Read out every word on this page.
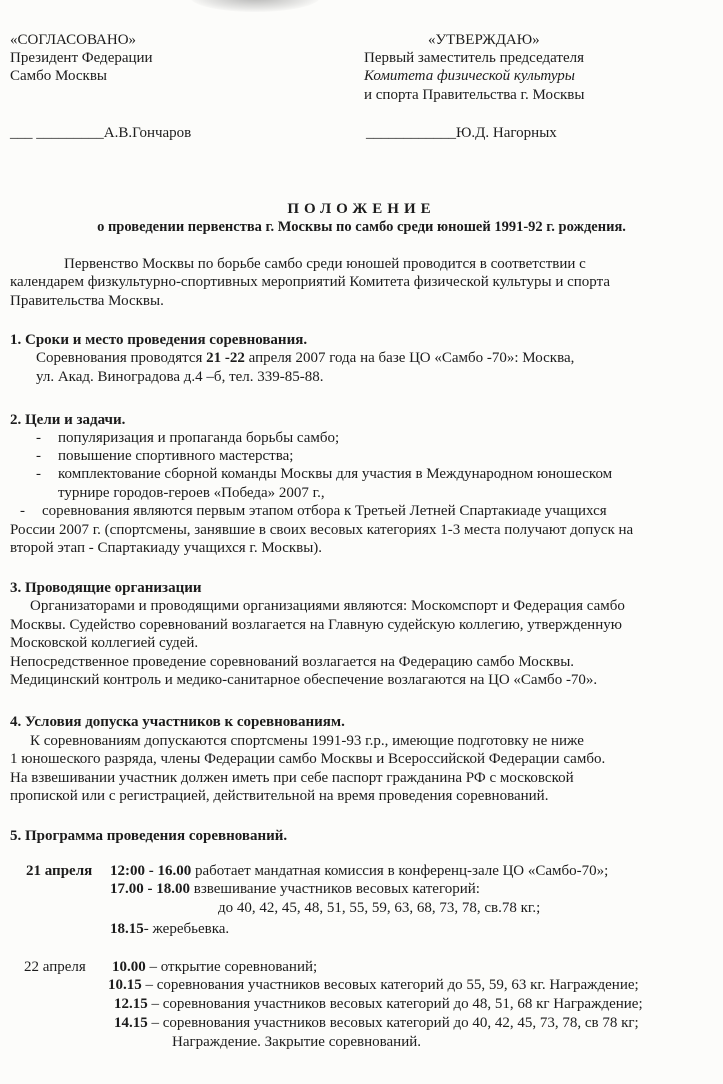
«СОГЛАСОВАНО»
Президент Федерации
Самбо Москвы
___ _________А.В.Гончаров
«УТВЕРЖДАЮ»
Первый заместитель председателя
Комитета физической культуры
и спорта Правительства г. Москвы
____________Ю.Д. Нагорных
ПОЛОЖЕНИЕ
о проведении первенства г. Москвы по самбо среди юношей 1991-92 г. рождения.
Первенство Москвы по борьбе самбо среди юношей проводится в соответствии с
календарем физкультурно-спортивных мероприятий Комитета физической культуры и спорта
Правительства Москвы.
1. Сроки и место проведения соревнования.
Соревнования проводятся 21 -22 апреля 2007 года на базе ЦО «Самбо -70»: Москва,
ул. Акад. Виноградова д.4 –б, тел. 339-85-88.
2. Цели и задачи.
- популяризация и пропаганда борьбы самбо;
- повышение спортивного мастерства;
- комплектование сборной команды Москвы для участия в Международном юношеском
турнире городов-героев «Победа» 2007 г.,
- соревнования являются первым этапом отбора к Третьей Летней Спартакиаде учащихся
России 2007 г. (спортсмены, занявшие в своих весовых категориях 1-3 места получают допуск на
второй этап - Спартакиаду учащихся г. Москвы).
3. Проводящие организации
Организаторами и проводящими организациями являются: Москомспорт и Федерация самбо
Москвы. Судейство соревнований возлагается на Главную судейскую коллегию, утвержденную
Московской коллегией судей.
Непосредственное проведение соревнований возлагается на Федерацию самбо Москвы.
Медицинский контроль и медико-санитарное обеспечение возлагаются на ЦО «Самбо -70».
4. Условия допуска участников к соревнованиям.
К соревнованиям допускаются спортсмены 1991-93 г.р., имеющие подготовку не ниже
1 юношеского разряда, члены Федерации самбо Москвы и Всероссийской Федерации самбо.
На взвешивании участник должен иметь при себе паспорт гражданина РФ с московской
пропиской или с регистрацией, действительной на время проведения соревнований.
5. Программа проведения соревнований.
21 апреля 12:00 - 16.00 работает мандатная комиссия в конференц-зале ЦО «Самбо-70»;
17.00 - 18.00 взвешивание участников весовых категорий:
до 40, 42, 45, 48, 51, 55, 59, 63, 68, 73, 78, св.78 кг.;
18.15- жеребьевка.
22 апреля 10.00 – открытие соревнований;
10.15 – соревнования участников весовых категорий до 55, 59, 63 кг. Награждение;
12.15 – соревнования участников весовых категорий до 48, 51, 68 кг Награждение;
14.15 – соревнования участников весовых категорий до 40, 42, 45, 73, 78, св 78 кг;
Награждение. Закрытие соревнований.
